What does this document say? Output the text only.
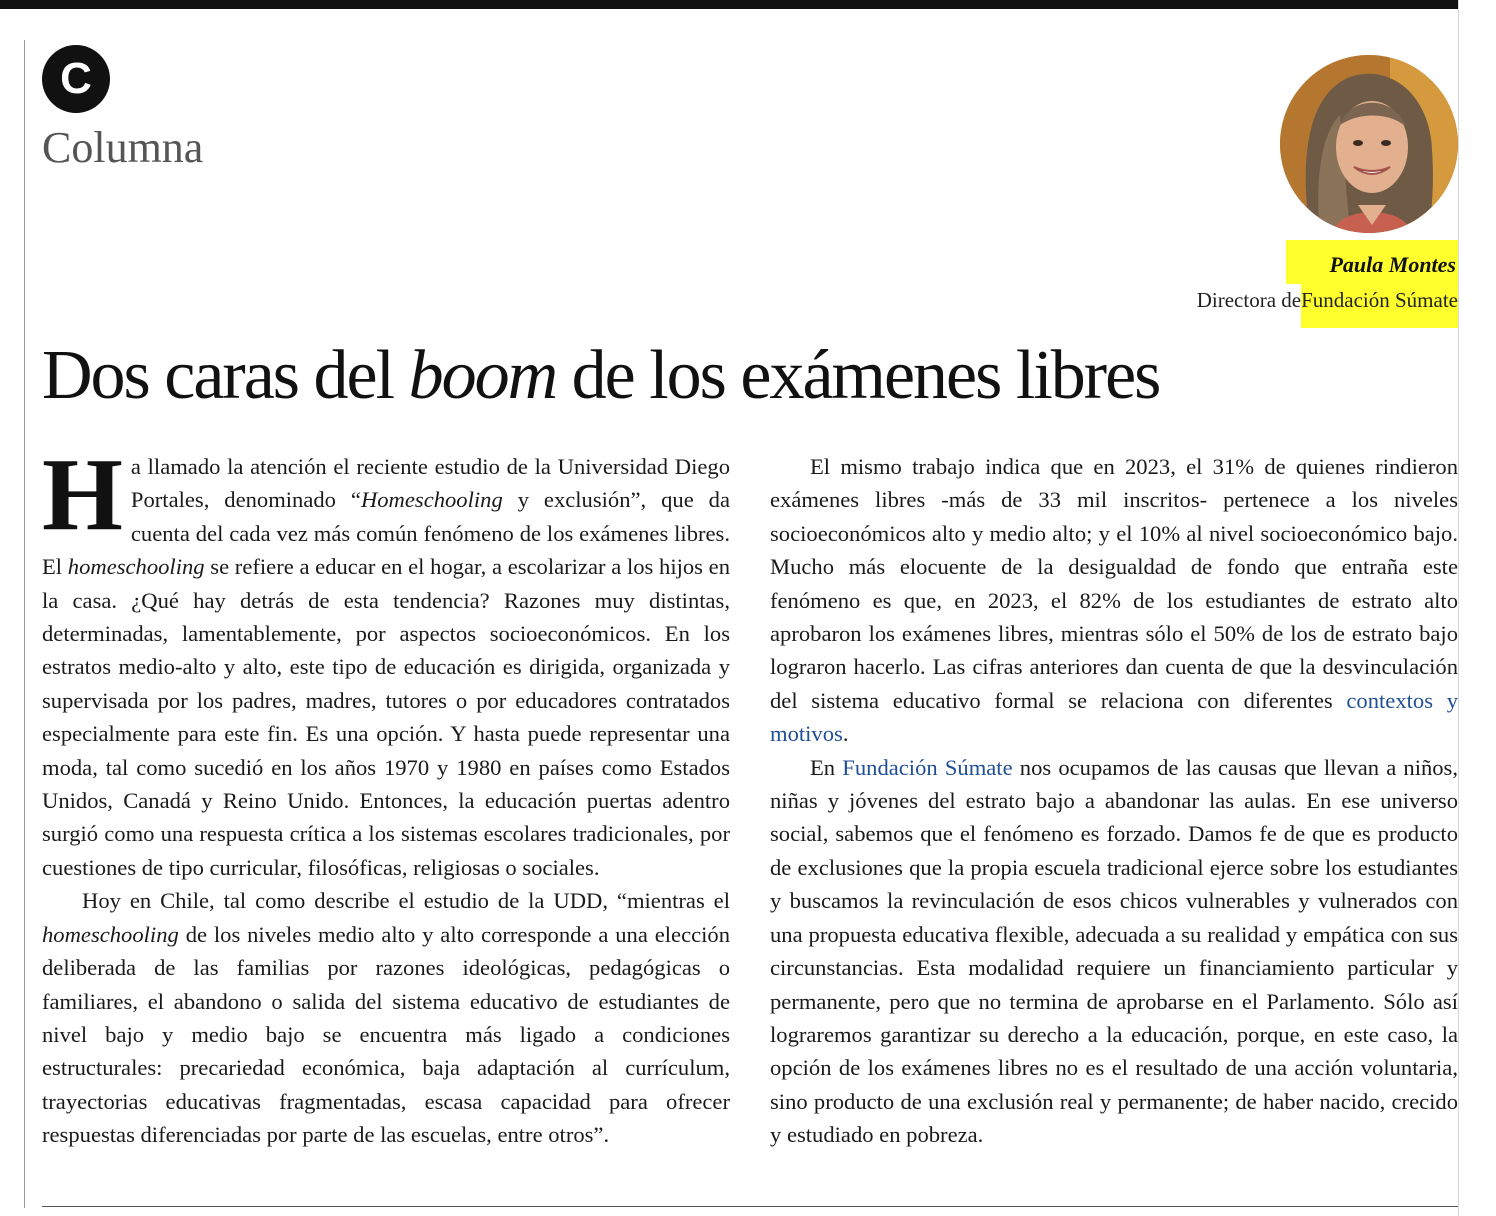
C
Columna
Paula Montes
Directora deFundación Súmate
Dos caras del boom de los exámenes libres

Ha llamado la atención el reciente estudio de la Universidad Diego Portales, denominado “Homeschooling y exclusión”, que da cuenta del cada vez más común fenómeno de los exámenes libres. El homeschooling se refiere a educar en el hogar, a escolarizar a los hijos en la casa. ¿Qué hay detrás de esta tendencia? Razones muy distintas, determinadas, lamentablemente, por aspectos socioeconómicos. En los estratos medio-alto y alto, este tipo de educación es dirigida, organizada y supervisada por los padres, madres, tutores o por educadores contratados especialmente para este fin. Es una opción. Y hasta puede representar una moda, tal como sucedió en los años 1970 y 1980 en países como Estados Unidos, Canadá y Reino Unido. Entonces, la educación puertas adentro surgió como una respuesta crítica a los sistemas escolares tradicionales, por cuestiones de tipo curricular, filosóficas, religiosas o sociales.

Hoy en Chile, tal como describe el estudio de la UDD, “mientras el homeschooling de los niveles medio alto y alto corresponde a una elección deliberada de las familias por razones ideológicas, pedagógicas o familiares, el abandono o salida del sistema educativo de estudiantes de nivel bajo y medio bajo se encuentra más ligado a condiciones estructurales: precariedad económica, baja adaptación al currículum, trayectorias educativas fragmentadas, escasa capacidad para ofrecer respuestas diferenciadas por parte de las escuelas, entre otros”.

El mismo trabajo indica que en 2023, el 31% de quienes rindieron exámenes libres -más de 33 mil inscritos- pertenece a los niveles socioeconómicos alto y medio alto; y el 10% al nivel socioeconómico bajo. Mucho más elocuente de la desigualdad de fondo que entraña este fenómeno es que, en 2023, el 82% de los estudiantes de estrato alto aprobaron los exámenes libres, mientras sólo el 50% de los de estrato bajo lograron hacerlo. Las cifras anteriores dan cuenta de que la desvinculación del sistema educativo formal se relaciona con diferentes contextos y motivos.

En Fundación Súmate nos ocupamos de las causas que llevan a niños, niñas y jóvenes del estrato bajo a abandonar las aulas. En ese universo social, sabemos que el fenómeno es forzado. Damos fe de que es producto de exclusiones que la propia escuela tradicional ejerce sobre los estudiantes y buscamos la revinculación de esos chicos vulnerables y vulnerados con una propuesta educativa flexible, adecuada a su realidad y empática con sus circunstancias. Esta modalidad requiere un financiamiento particular y permanente, pero que no termina de aprobarse en el Parlamento. Sólo así lograremos garantizar su derecho a la educación, porque, en este caso, la opción de los exámenes libres no es el resultado de una acción voluntaria, sino producto de una exclusión real y permanente; de haber nacido, crecido y estudiado en pobreza.
